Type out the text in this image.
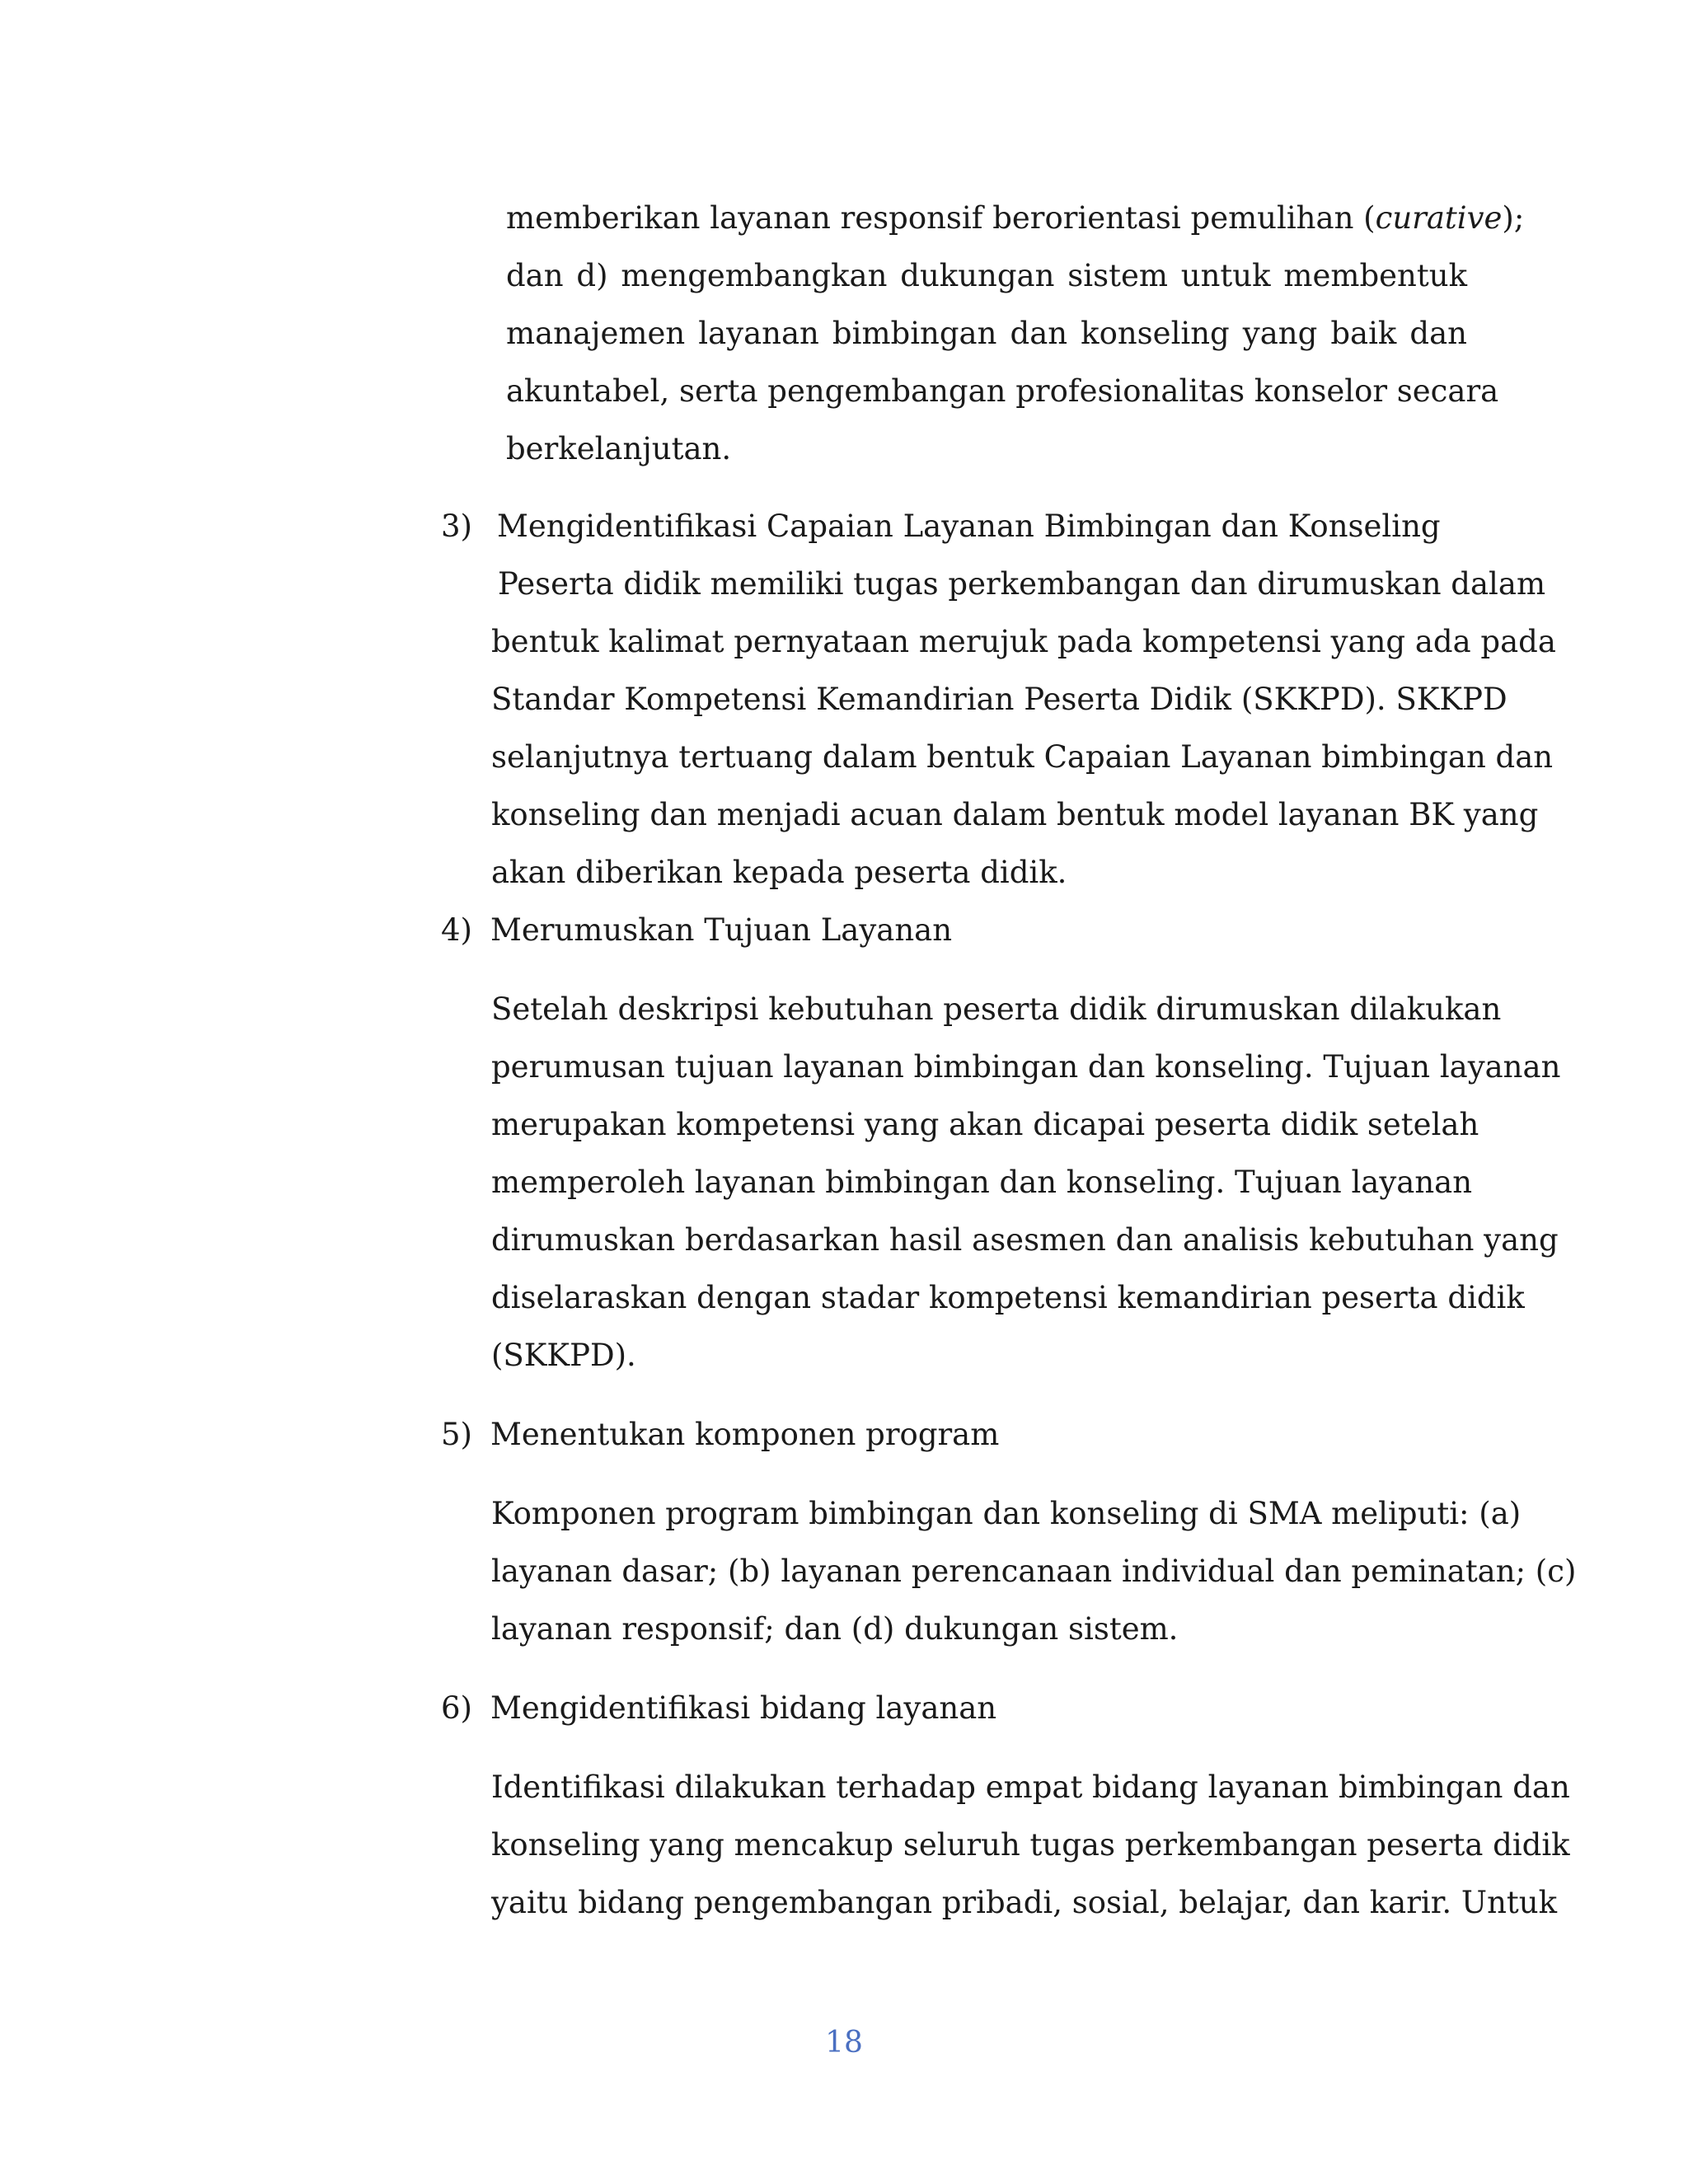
memberikan layanan responsif berorientasi pemulihan (curative);
dan d) mengembangkan dukungan sistem untuk membentuk
manajemen layanan bimbingan dan konseling yang baik dan
akuntabel, serta pengembangan profesionalitas konselor secara
berkelanjutan.
3) Mengidentifikasi Capaian Layanan Bimbingan dan Konseling
Peserta didik memiliki tugas perkembangan dan dirumuskan dalam
bentuk kalimat pernyataan merujuk pada kompetensi yang ada pada
Standar Kompetensi Kemandirian Peserta Didik (SKKPD). SKKPD
selanjutnya tertuang dalam bentuk Capaian Layanan bimbingan dan
konseling dan menjadi acuan dalam bentuk model layanan BK yang
akan diberikan kepada peserta didik.
4) Merumuskan Tujuan Layanan
Setelah deskripsi kebutuhan peserta didik dirumuskan dilakukan
perumusan tujuan layanan bimbingan dan konseling. Tujuan layanan
merupakan kompetensi yang akan dicapai peserta didik setelah
memperoleh layanan bimbingan dan konseling. Tujuan layanan
dirumuskan berdasarkan hasil asesmen dan analisis kebutuhan yang
diselaraskan dengan stadar kompetensi kemandirian peserta didik
(SKKPD).
5) Menentukan komponen program
Komponen program bimbingan dan konseling di SMA meliputi: (a)
layanan dasar; (b) layanan perencanaan individual dan peminatan; (c)
layanan responsif; dan (d) dukungan sistem.
6) Mengidentifikasi bidang layanan
Identifikasi dilakukan terhadap empat bidang layanan bimbingan dan
konseling yang mencakup seluruh tugas perkembangan peserta didik
yaitu bidang pengembangan pribadi, sosial, belajar, dan karir. Untuk
18
